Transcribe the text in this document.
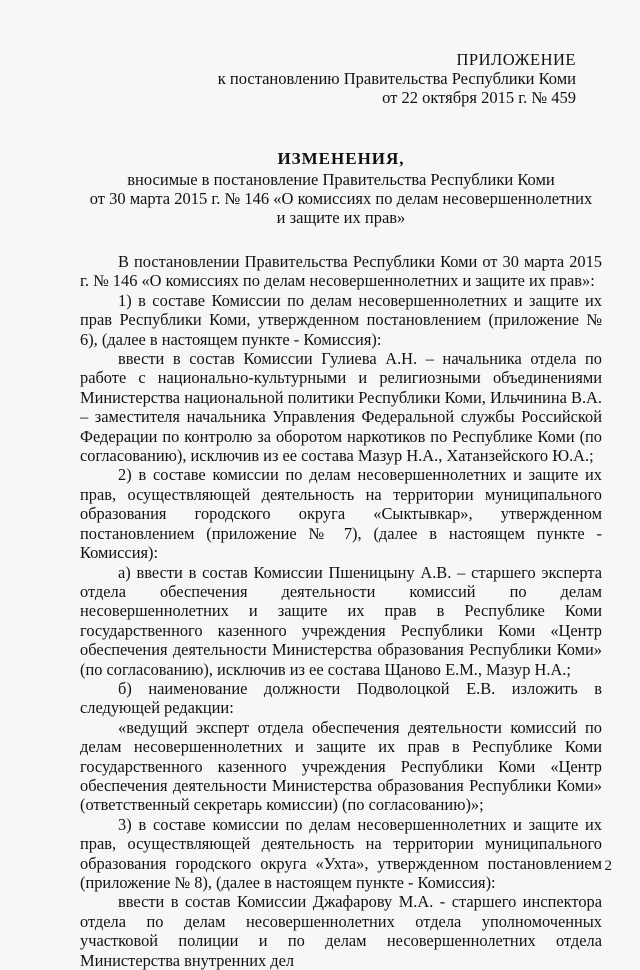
ПРИЛОЖЕНИЕ
к постановлению Правительства Республики Коми
от 22 октября 2015 г. № 459
ИЗМЕНЕНИЯ,
вносимые в постановление Правительства Республики Коми
от 30 марта 2015 г. № 146 «О комиссиях по делам несовершеннолетних
и защите их прав»

В постановлении Правительства Республики Коми от 30 марта 2015 г. № 146 «О комиссиях по делам несовершеннолетних и защите их прав»:

1) в составе Комиссии по делам несовершеннолетних и защите их прав Республики Коми, утвержденном постановлением (приложение № 6), (далее в настоящем пункте - Комиссия):

ввести в состав Комиссии Гулиева А.Н. – начальника отдела по работе с национально-культурными и религиозными объединениями Министерства национальной политики Республики Коми, Ильчинина В.А. – заместителя начальника Управления Федеральной службы Российской Федерации по контролю за оборотом наркотиков по Республике Коми (по согласованию), исключив из ее состава Мазур Н.А., Хатанзейского Ю.А.;

2) в составе комиссии по делам несовершеннолетних и защите их прав, осуществляющей деятельность на территории муниципального образования городского округа «Сыктывкар», утвержденном постановлением (приложение № 7), (далее в настоящем пункте - Комиссия):

а) ввести в состав Комиссии Пшеницыну А.В. – старшего эксперта отдела обеспечения деятельности комиссий по делам несовершеннолетних и защите их прав в Республике Коми государственного казенного учреждения Республики Коми «Центр обеспечения деятельности Министерства образования Республики Коми» (по согласованию), исключив из ее состава Щаново Е.М., Мазур Н.А.;

б) наименование должности Подволоцкой Е.В. изложить в следующей редакции:

«ведущий эксперт отдела обеспечения деятельности комиссий по делам несовершеннолетних и защите их прав в Республике Коми государственного казенного учреждения Республики Коми «Центр обеспечения деятельности Министерства образования Республики Коми» (ответственный секретарь комиссии) (по согласованию)»;

3) в составе комиссии по делам несовершеннолетних и защите их прав, осуществляющей деятельность на территории муниципального образования городского округа «Ухта», утвержденном постановлением (приложение № 8), (далее в настоящем пункте - Комиссия):

ввести в состав Комиссии Джафарову М.А. - старшего инспектора отдела по делам несовершеннолетних отдела уполномоченных участковой полиции и по делам несовершеннолетних отдела Министерства внутренних дел

2
